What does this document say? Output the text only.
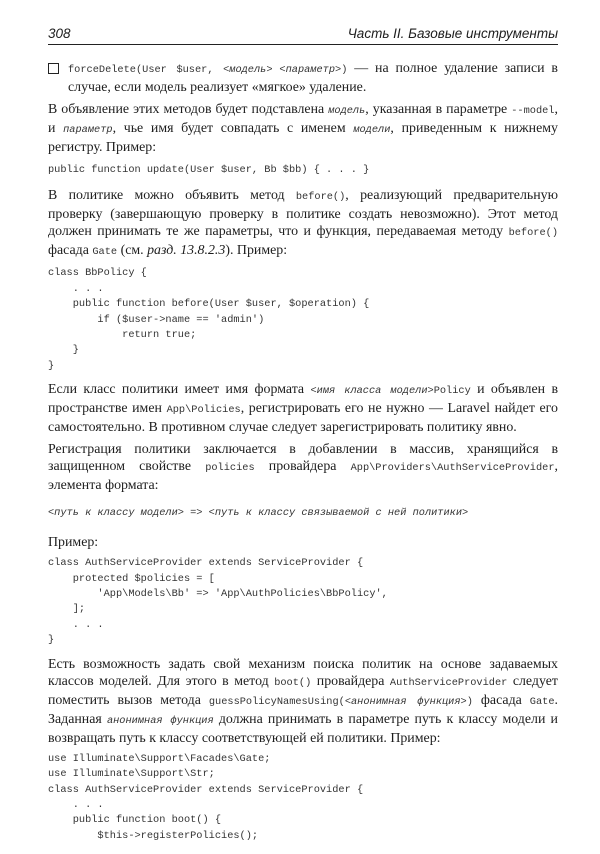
308	Часть II. Базовые инструменты

forceDelete(User $user, <модель> <параметр>) — на полное удаление записи в случае, если модель реализует «мягкое» удаление.

В объявление этих методов будет подставлена модель, указанная в параметре --model, и параметр, чье имя будет совпадать с именем модели, приведенным к нижнему регистру. Пример:

public function update(User $user, Bb $bb) { . . . }

В политике можно объявить метод before(), реализующий предварительную проверку (завершающую проверку в политике создать невозможно). Этот метод должен принимать те же параметры, что и функция, передаваемая методу before() фасада Gate (см. разд. 13.8.2.3). Пример:

class BbPolicy {
. . .
public function before(User $user, $operation) {
if ($user->name == 'admin')
return true;
}
}

Если класс политики имеет имя формата <имя класса модели>Policy и объявлен в пространстве имен App\Policies, регистрировать его не нужно — Laravel найдет его самостоятельно. В противном случае следует зарегистрировать политику явно.

Регистрация политики заключается в добавлении в массив, хранящийся в защищенном свойстве policies провайдера App\Providers\AuthServiceProvider, элемента формата:

<путь к классу модели> => <путь к классу связываемой с ней политики>

Пример:

class AuthServiceProvider extends ServiceProvider {
protected $policies = [
'App\Models\Bb' => 'App\AuthPolicies\BbPolicy',
];
. . .
}

Есть возможность задать свой механизм поиска политик на основе задаваемых классов моделей. Для этого в метод boot() провайдера AuthServiceProvider следует поместить вызов метода guessPolicyNamesUsing(<анонимная функция>) фасада Gate. Заданная анонимная функция должна принимать в параметре путь к классу модели и возвращать путь к классу соответствующей ей политики. Пример:

use Illuminate\Support\Facades\Gate;
use Illuminate\Support\Str;
class AuthServiceProvider extends ServiceProvider {
. . .
public function boot() {
$this->registerPolicies();
